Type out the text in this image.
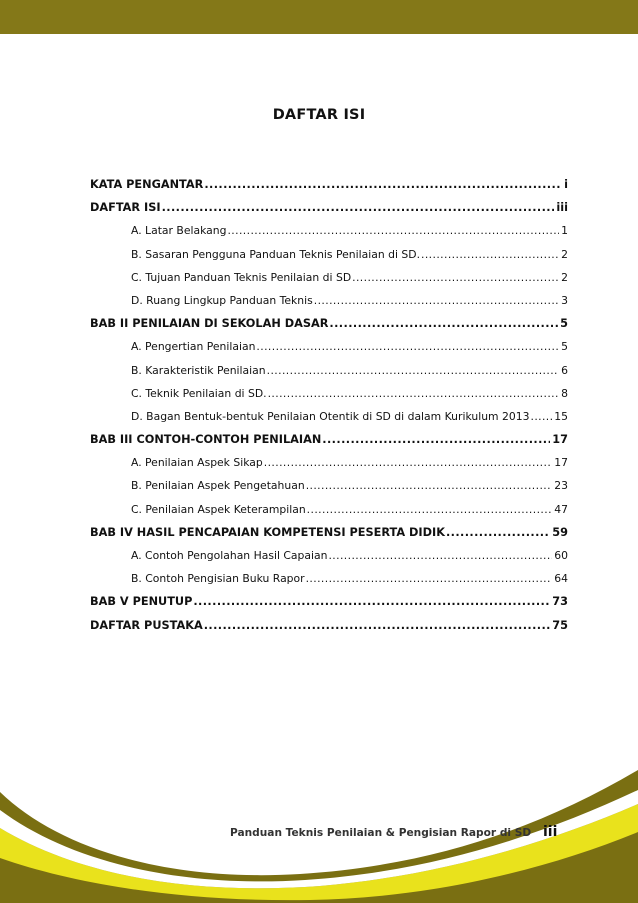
DAFTAR ISI
KATA PENGANTAR .....	i
DAFTAR ISI .....	iii
A. Latar Belakang .....	1
B. Sasaran Pengguna Panduan Teknis Penilaian di SD. .....	2
C. Tujuan Panduan Teknis Penilaian di SD .....	2
D. Ruang Lingkup Panduan Teknis .....	3
BAB II PENILAIAN DI SEKOLAH DASAR .....	5
A. Pengertian Penilaian .....	5
B. Karakteristik Penilaian .....	6
C. Teknik Penilaian di SD. .....	8
D. Bagan Bentuk-bentuk Penilaian Otentik di SD di dalam Kurikulum 2013 ..... 15
BAB III CONTOH-CONTOH PENILAIAN .....	17
A. Penilaian Aspek Sikap .....	17
B. Penilaian Aspek Pengetahuan .....	23
C. Penilaian Aspek Keterampilan .....	47
BAB IV HASIL PENCAPAIAN KOMPETENSI PESERTA DIDIK .....	59
A. Contoh Pengolahan Hasil Capaian .....	60
B. Contoh Pengisian Buku Rapor .....	64
BAB V PENUTUP .....	73
DAFTAR PUSTAKA .....	75
Panduan Teknis Penilaian & Pengisian Rapor di SD iii
